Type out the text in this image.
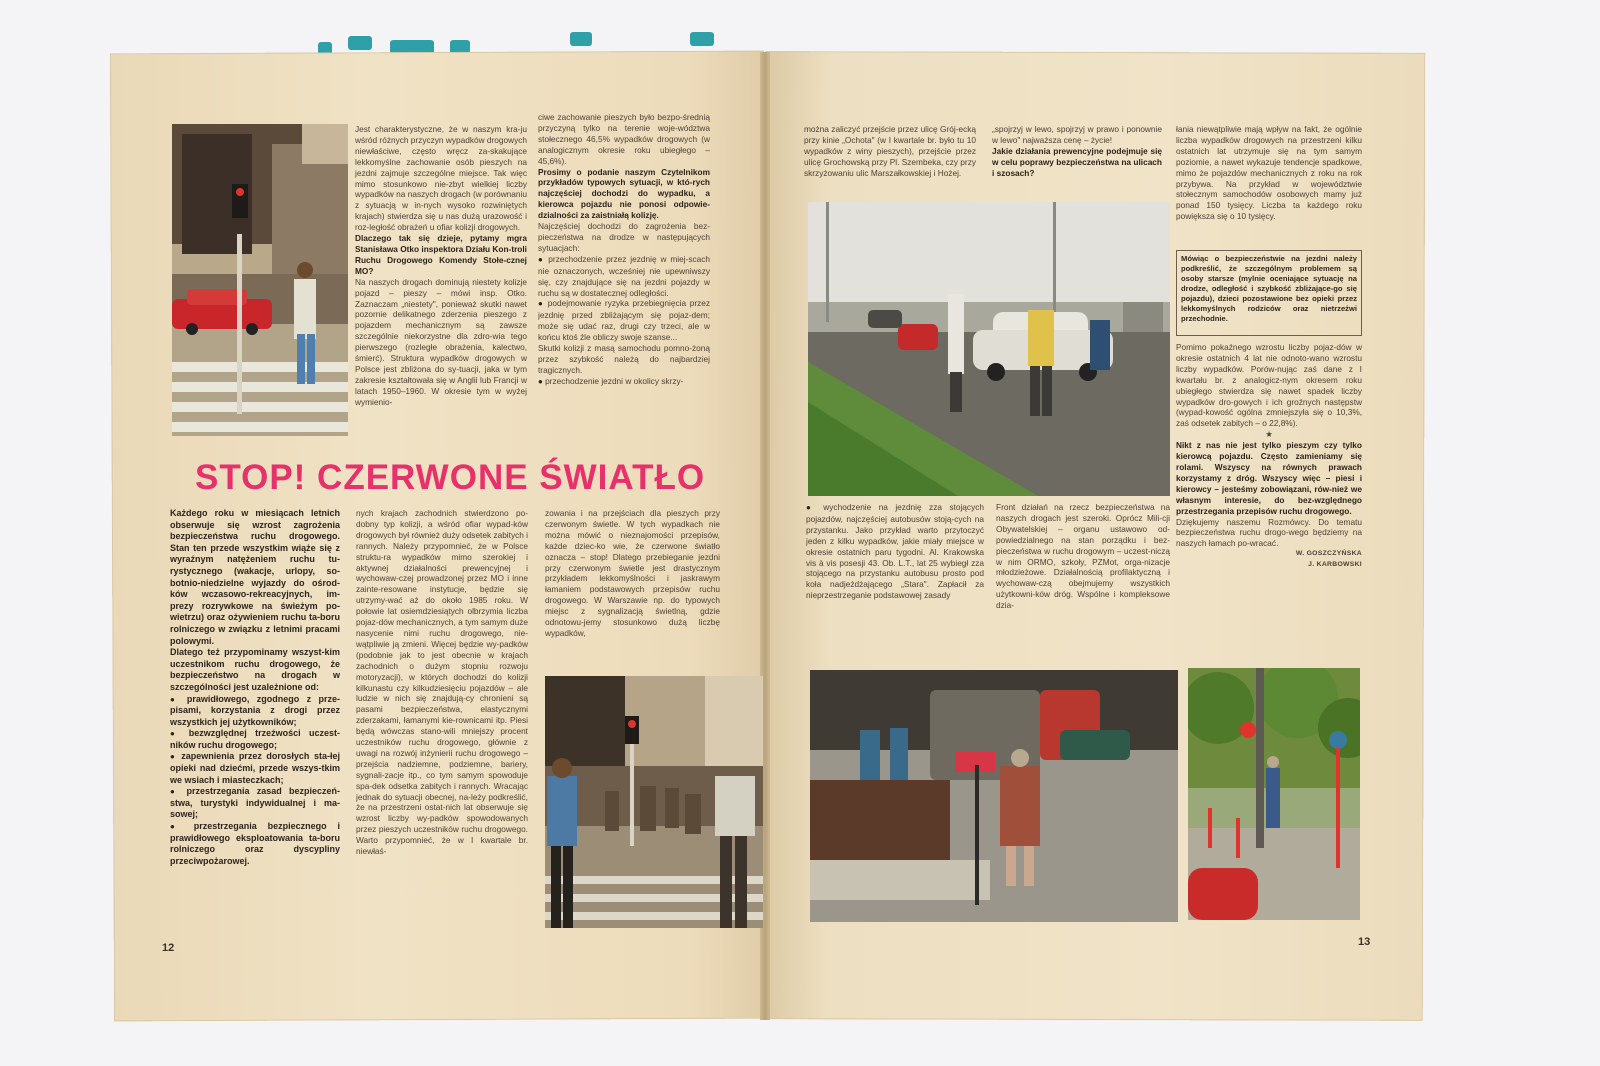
Jest charakterystyczne, że w naszym kra-ju wśród różnych przyczyn wypadków drogowych niewłaściwe, często wręcz za-skakujące lekkomyślne zachowanie osób pieszych na jezdni zajmuje szczególne miejsce. Tak więc mimo stosunkowo nie-zbyt wielkiej liczby wypadków na naszych drogach (w porównaniu z sytuacją w in-nych wysoko rozwiniętych krajach) stwierdza się u nas dużą urazowość i roz-ległość obrażeń u ofiar kolizji drogowych.

Dlaczego tak się dzieje, pytamy mgra Stanisława Otko inspektora Działu Kon-troli Ruchu Drogowego Komendy Stołe-cznej MO?

Na naszych drogach dominują niestety kolizje pojazd – pieszy – mówi insp. Otko. Zaznaczam „niestety", ponieważ skutki nawet pozornie delikatnego zderzenia pieszego z pojazdem mechanicznym są zawsze szczególnie niekorzystne dla zdro-wia tego pierwszego (rozległe obrażenia, kalectwo, śmierć). Struktura wypadków drogowych w Polsce jest zbliżona do sy-tuacji, jaka w tym zakresie kształtowała się w Anglii lub Francji w latach 1950–1960. W okresie tym w wyżej wymienio-

ciwe zachowanie pieszych było bezpo-średnią przyczyną tylko na terenie woje-wództwa stołecznego 46,5% wypadków drogowych (w analogicznym okresie roku ubiegłego – 45,6%).

Prosimy o podanie naszym Czytelnikom przykładów typowych sytuacji, w któ-rych najczęściej dochodzi do wypadku, a kierowca pojazdu nie ponosi odpowie-dzialności za zaistniałą kolizję.

Najczęściej dochodzi do zagrożenia bez-pieczeństwa na drodze w następujących sytuacjach:

● przechodzenie przez jezdnię w miej-scach nie oznaczonych, wcześniej nie upewniwszy się, czy znajdujące się na jezdni pojazdy w ruchu są w dostatecznej odległości.
● podejmowanie ryzyka przebiegnięcia przez jezdnię przed zbliżającym się pojaz-dem; może się udać raz, drugi czy trzeci, ale w końcu ktoś źle obliczy swoje szanse...

Skutki kolizji z masą samochodu pomno-żoną przez szybkość należą do najbardziej tragicznych.

● przechodzenie jezdni w okolicy skrzy-
STOP! CZERWONE ŚWIATŁO

Każdego roku w miesiącach letnich obserwuje się wzrost zagrożenia bezpieczeństwa ruchu drogowego. Stan ten przede wszystkim wiąże się z wyraźnym natężeniem ruchu tu-rystycznego (wakacje, urlopy, so-botnio-niedzielne wyjazdy do ośrod-ków wczasowo-rekreacyjnych, im-prezy rozrywkowe na świeżym po-wietrzu) oraz ożywieniem ruchu ta-boru rolniczego w związku z letnimi pracami polowymi.

Dlatego też przypominamy wszyst-kim uczestnikom ruchu drogowego, że bezpieczeństwo na drogach w szczególności jest uzależnione od:

● prawidłowego, zgodnego z prze-pisami, korzystania z drogi przez wszystkich jej użytkowników;
● bezwzględnej trzeźwości uczest-ników ruchu drogowego;
● zapewnienia przez dorosłych sta-łej opieki nad dziećmi, przede wszys-tkim we wsiach i miasteczkach;
● przestrzegania zasad bezpieczeń-stwa, turystyki indywidualnej i ma-sowej;
● przestrzegania bezpiecznego i prawidłowego eksploatowania ta-boru rolniczego oraz dyscypliny przeciwpożarowej.

nych krajach zachodnich stwierdzono po-dobny typ kolizji, a wśród ofiar wypad-ków drogowych był również duży odsetek zabitych i rannych. Należy przypomnieć, że w Polsce struktu-ra wypadków mimo szerokiej i aktywnej działalności prewencyjnej i wychowaw-czej prowadzonej przez MO i inne zainte-resowane instytucje, będzie się utrzymy-wać aż do około 1985 roku. W połowie lat osiemdziesiątych olbrzymia liczba pojaz-dów mechanicznych, a tym samym duże nasycenie nimi ruchu drogowego, nie-wątpliwie ją zmieni. Więcej będzie wy-padków (podobnie jak to jest obecnie w krajach zachodnich o dużym stopniu rozwoju motoryzacji), w których dochodzi do kolizji kilkunastu czy kilkudziesięciu pojazdów – ale ludzie w nich się znajdują-cy chronieni są pasami bezpieczeństwa, elastycznymi zderzakami, łamanymi kie-rownicami itp. Piesi będą wówczas stano-wili mniejszy procent uczestników ruchu drogowego, głównie z uwagi na rozwój inżynierii ruchu drogowego – przejścia nadziemne, podziemne, bariery, sygnali-zacje itp., co tym samym spowoduje spa-dek odsetka zabitych i rannych. Wracając jednak do sytuacji obecnej, na-leży podkreślić, że na przestrzeni ostat-nich lat obserwuje się wzrost liczby wy-padków spowodowanych przez pieszych uczestników ruchu drogowego. Warto przypomnieć, że w I kwartale br. niewłaś-

zowania i na przejściach dla pieszych przy czerwonym świetle. W tych wypadkach nie można mówić o nieznajomości przepisów, każde dziec-ko wie, że czerwone światło oznacza – stop! Dlatego przebieganie jezdni przy czerwonym świetle jest drastycznym przykładem lekkomyślności i jaskrawym łamaniem podstawowych przepisów ruchu drogowego. W Warszawie np. do typowych miejsc z sygnalizacją świetlną, gdzie odnotowu-jemy stosunkowo dużą liczbę wypadków,

12

można zaliczyć przejście przez ulicę Grój-ecką przy kinie „Ochota" (w I kwartale br. było tu 10 wypadków z winy pieszych), przejście przez ulicę Grochowską przy Pl. Szembeka, czy przy skrzyżowaniu ulic Marszałkowskiej i Hożej.

„spojrzyj w lewo, spojrzyj w prawo i ponownie w lewo" najważsza cenę – życie!

Jakie działania prewencyjne podejmuje się w celu poprawy bezpieczeństwa na ulicach i szosach?

łania niewątpliwie mają wpływ na fakt, że ogólnie liczba wypadków drogowych na przestrzeni kilku ostatnich lat utrzymuje się na tym samym poziomie, a nawet wykazuje tendencje spadkowe, mimo że pojazdów mechanicznych z roku na rok przybywa. Na przykład w województwie stołecznym samochodów osobowych mamy już ponad 150 tysięcy. Liczba ta każdego roku powiększa się o 10 tysięcy.

Mówiąc o bezpieczeństwie na jezdni należy podkreślić, że szczególnym problemem są osoby starsze (mylnie oceniające sytuację na drodze, odległość i szybkość zbliżające-go się pojazdu), dzieci pozostawione bez opieki przez lekkomyślnych rodziców oraz nietrzeźwi przechodnie.

Pomimo pokaźnego wzrostu liczby pojaz-dów w okresie ostatnich 4 lat nie odnoto-wano wzrostu liczby wypadków. Porów-nując zaś dane z I kwartału br. z analogicz-nym okresem roku ubiegłego stwierdza się nawet spadek liczby wypadków dro-gowych i ich groźnych następstw (wypad-kowość ogólna zmniejszyła się o 10,3%, zaś odsetek zabitych – o 22,8%).

★

Nikt z nas nie jest tylko pieszym czy tylko kierowcą pojazdu. Często zamieniamy się rolami. Wszyscy na równych prawach korzystamy z dróg. Wszyscy więc – piesi i kierowcy – jesteśmy zobowiązani, rów-nież we własnym interesie, do bez-względnego przestrzegania przepisów ruchu drogowego.

Dziękujemy naszemu Rozmówcy. Do tematu bezpieczeństwa ruchu drogo-wego będziemy na naszych łamach po-wracać.

W. GOSZCZYŃSKA

J. KARBOWSKI

● wychodzenie na jezdnię zza stojących pojazdów, najczęściej autobusów stoją-cych na przystanku. Jako przykład warto przytoczyć jeden z kilku wypadków, jakie miały miejsce w okresie ostatnich paru tygodni. Al. Krakowska vis à vis posesji 43. Ob. L.T., lat 25 wybiegł zza stojącego na przystanku autobusu prosto pod koła nadjeżdżającego „Stara". Zapłacił za nieprzestrzeganie podstawowej zasady

Front działań na rzecz bezpieczeństwa na naszych drogach jest szeroki. Oprócz Mili-cji Obywatelskiej – organu ustawowo od-powiedzialnego na stan porządku i bez-pieczeństwa w ruchu drogowym – uczest-niczą w nim ORMO, szkoły, PZMot, orga-nizacje młodzieżowe. Działalnością profilaktyczną i wychowaw-czą obejmujemy wszystkich użytkowni-ków dróg. Wspólne i kompleksowe dzia-

13
